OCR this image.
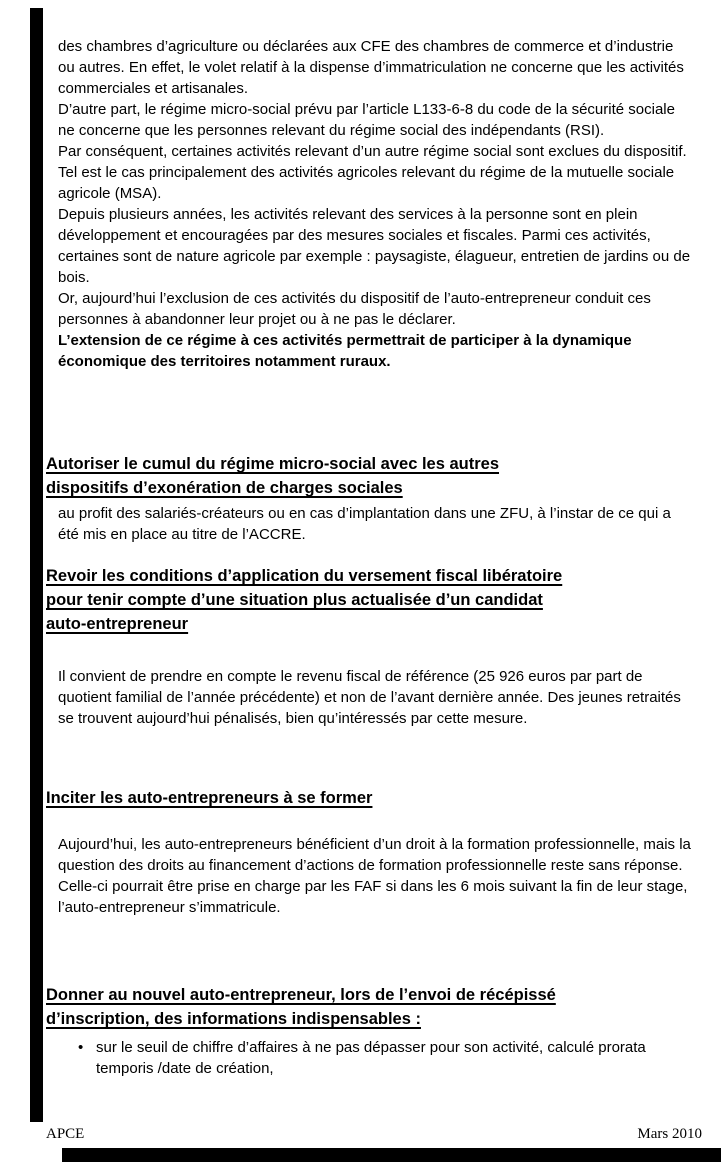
des chambres d’agriculture ou déclarées aux CFE des chambres de commerce et d’industrie ou autres. En effet, le volet relatif à la dispense d’immatriculation ne concerne que les activités commerciales et artisanales.

D’autre part, le régime micro-social prévu par l’article L133-6-8 du code de la sécurité sociale ne concerne que les personnes relevant du régime social des indépendants (RSI).

Par conséquent, certaines activités relevant d’un autre régime social sont exclues du dispositif. Tel est le cas principalement des activités agricoles relevant du régime de la mutuelle sociale agricole (MSA).

Depuis plusieurs années, les activités relevant des services à la personne sont en plein développement et encouragées par des mesures sociales et fiscales. Parmi ces activités, certaines sont de nature agricole par exemple : paysagiste, élagueur, entretien de jardins ou de bois.

Or, aujourd’hui l’exclusion de ces activités du dispositif de l’auto-entrepreneur conduit ces personnes à abandonner leur projet ou à ne pas le déclarer.

L’extension de ce régime à ces activités permettrait de participer à la dynamique économique des territoires notamment ruraux.

Autoriser le cumul du régime micro-social avec les autres
dispositifs d’exonération de charges sociales
au profit des salariés-créateurs ou en cas d’implantation dans une ZFU, à l’instar de ce qui a été mis en place au titre de l’ACCRE.
Revoir les conditions d’application du versement fiscal libératoire
pour tenir compte d’une situation plus actualisée d’un candidat
auto-entrepreneur
Il convient de prendre en compte le revenu fiscal de référence (25 926 euros par part de quotient familial de l’année précédente) et non de l’avant dernière année. Des jeunes retraités se trouvent aujourd’hui pénalisés, bien qu’intéressés par cette mesure.
Inciter les auto-entrepreneurs à se former
Aujourd’hui, les auto-entrepreneurs bénéficient d’un droit à la formation professionnelle, mais la question des droits au financement d’actions de formation professionnelle reste sans réponse. Celle-ci pourrait être prise en charge par les FAF si dans les 6 mois suivant la fin de leur stage, l’auto-entrepreneur s’immatricule.
Donner au nouvel auto-entrepreneur, lors de l’envoi de récépissé
d’inscription, des informations indispensables :
• sur le seuil de chiffre d’affaires à ne pas dépasser pour son activité, calculé prorata temporis /date de création,
APCE	Mars 2010
